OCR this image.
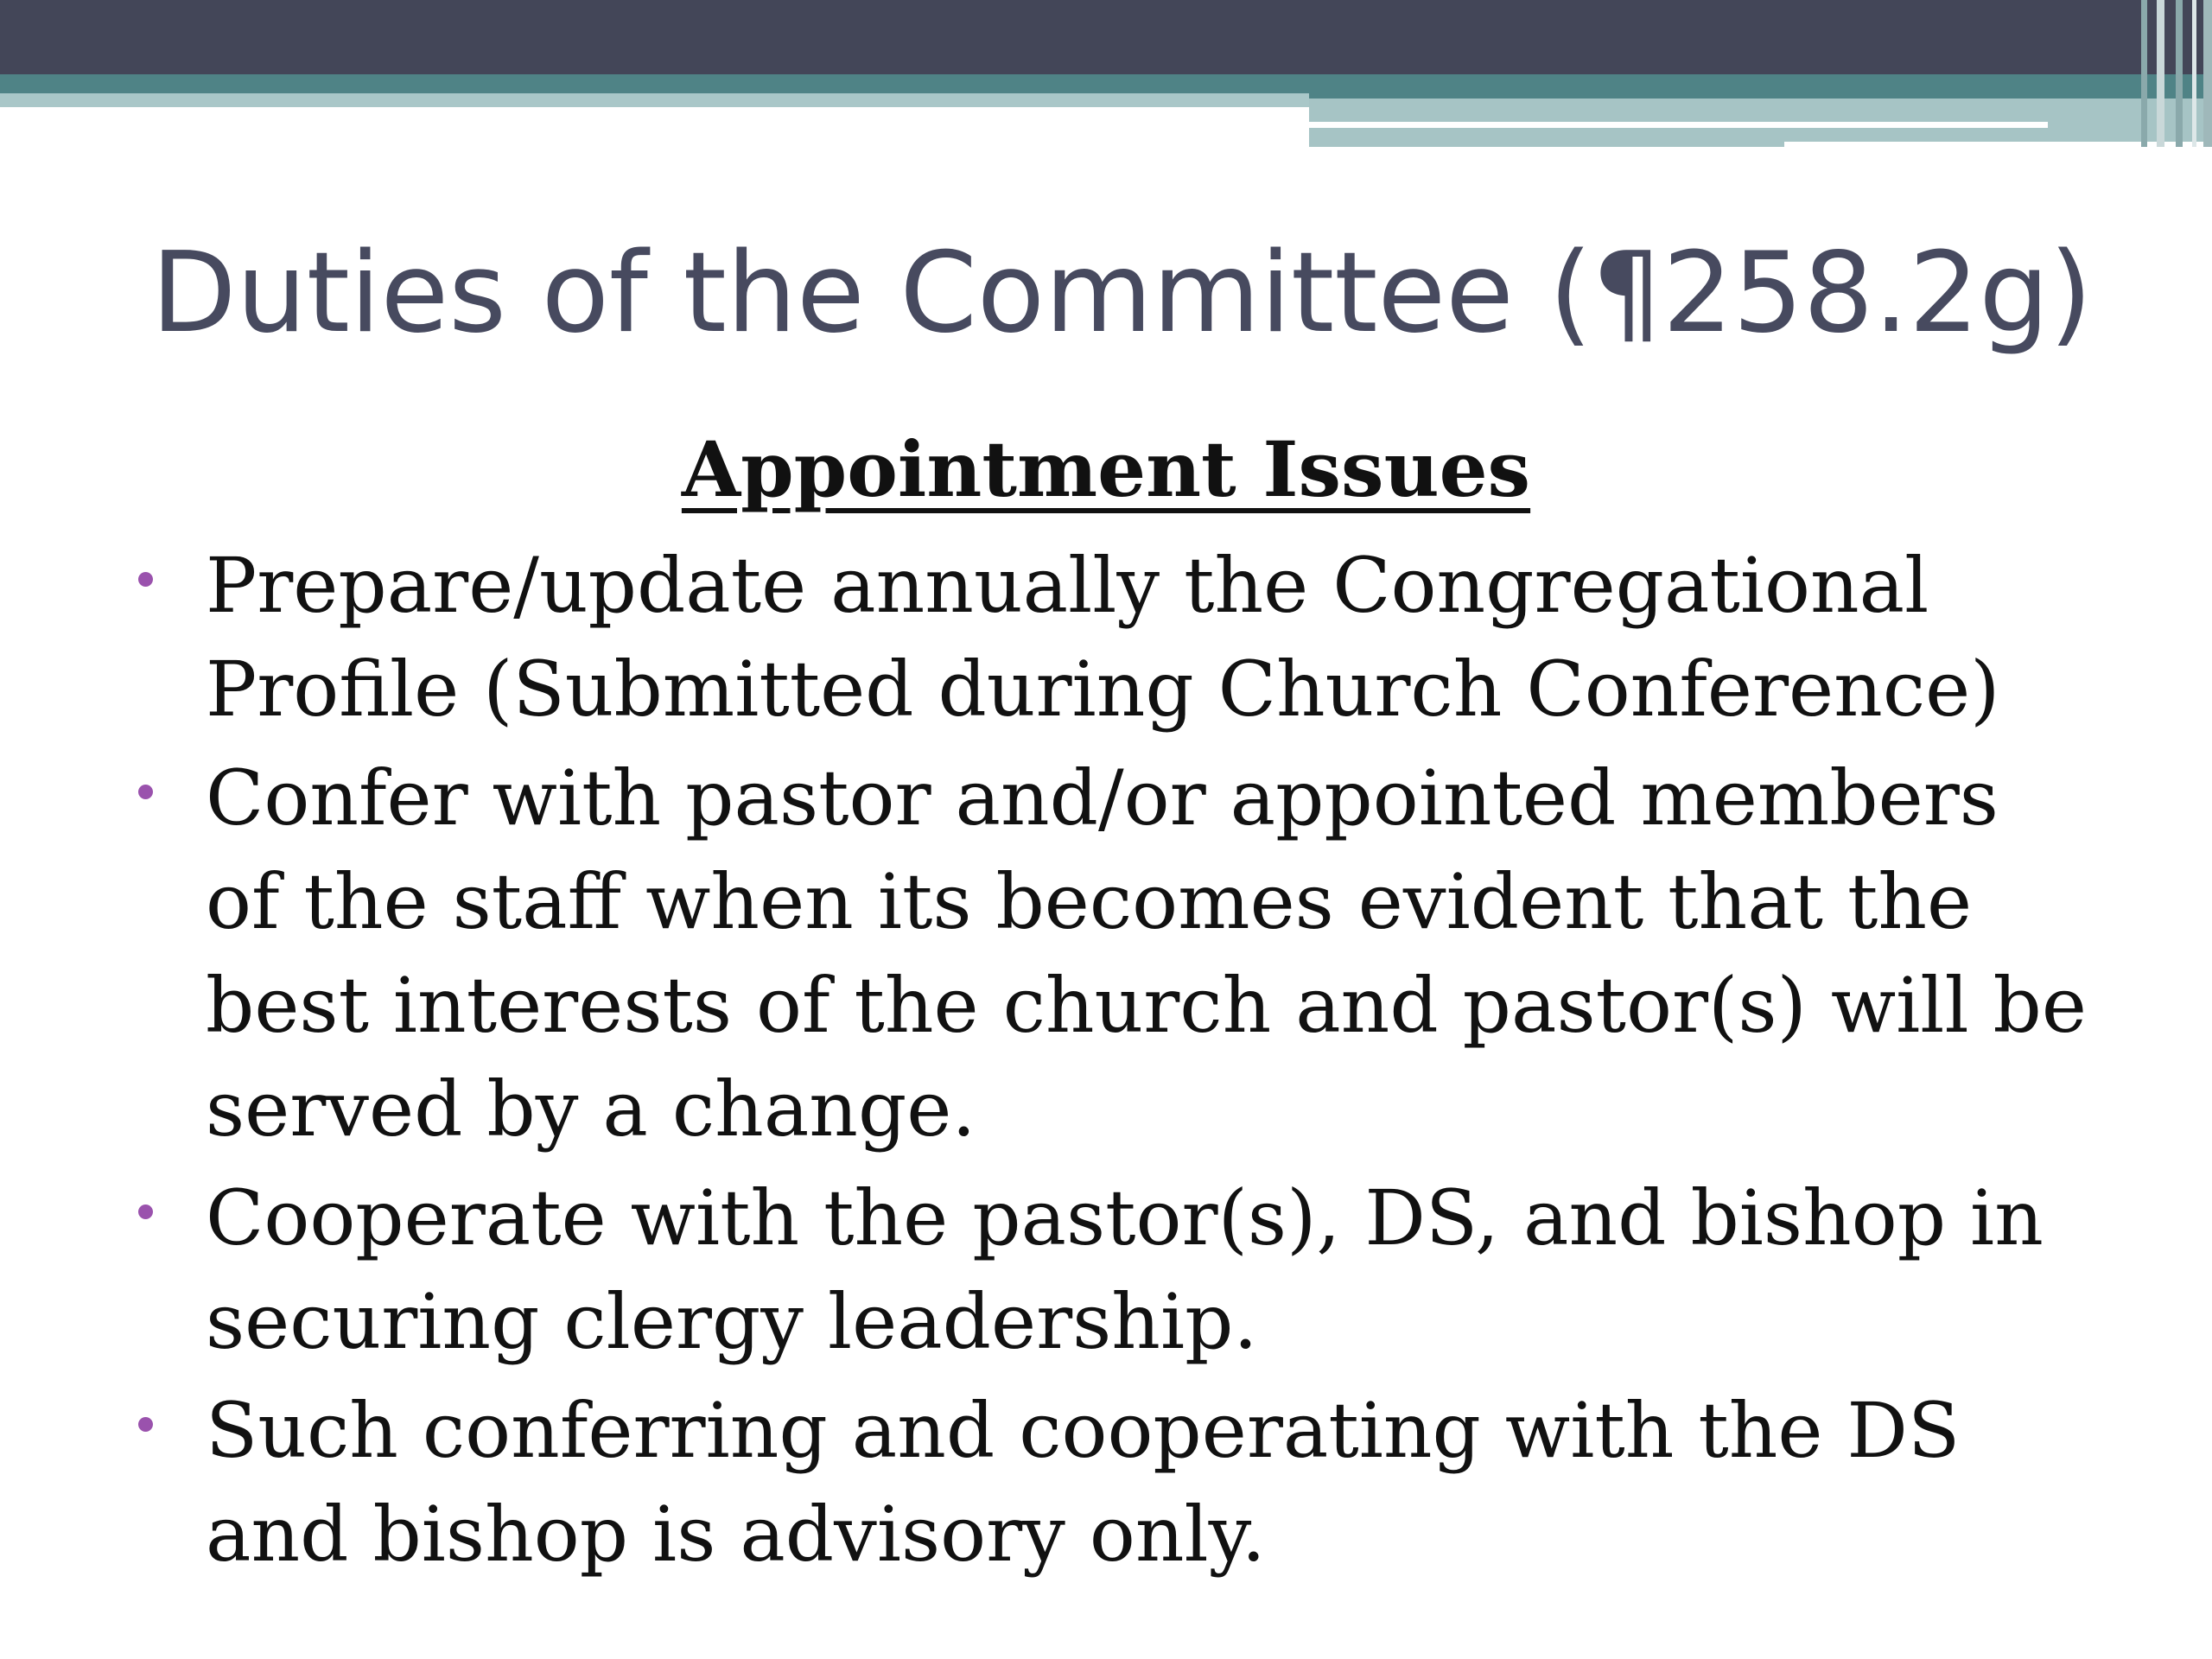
Duties of the Committee (¶258.2g)
Appointment Issues
Prepare/update annually the Congregational Profile (Submitted during Church Conference)
Confer with pastor and/or appointed members of the staff when its becomes evident that the best interests of the church and pastor(s) will be served by a change.
Cooperate with the pastor(s), DS, and bishop in securing clergy leadership.
Such conferring and cooperating with the DS and bishop is advisory only.
